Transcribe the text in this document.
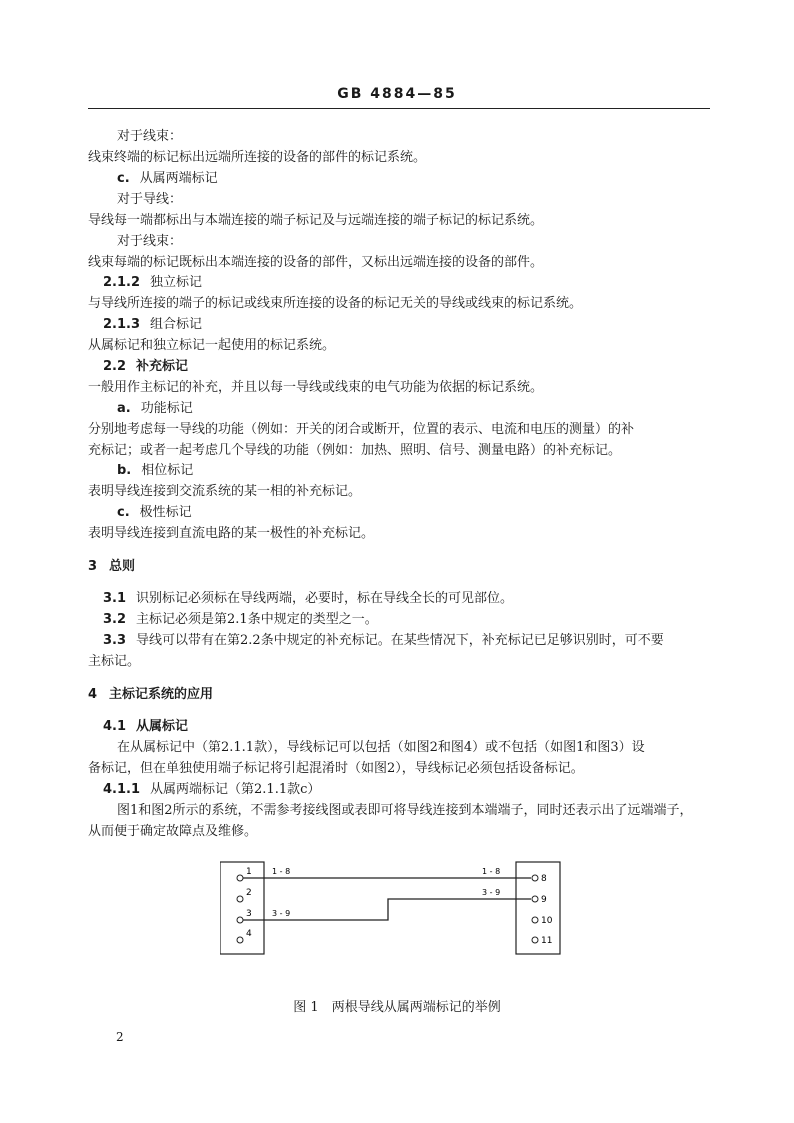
GB 4884—85
对于线束：
线束终端的标记标出远端所连接的设备的部件的标记系统。
c. 从属两端标记
对于导线：
导线每一端都标出与本端连接的端子标记及与远端连接的端子标记的标记系统。
对于线束：
线束每端的标记既标出本端连接的设备的部件，又标出远端连接的设备的部件。
2.1.2 独立标记
与导线所连接的端子的标记或线束所连接的设备的标记无关的导线或线束的标记系统。
2.1.3 组合标记
从属标记和独立标记一起使用的标记系统。
2.2 补充标记
一般用作主标记的补充，并且以每一导线或线束的电气功能为依据的标记系统。
a. 功能标记
分别地考虑每一导线的功能（例如：开关的闭合或断开，位置的表示、电流和电压的测量）的补
充标记；或者一起考虑几个导线的功能（例如：加热、照明、信号、测量电路）的补充标记。
b. 相位标记
表明导线连接到交流系统的某一相的补充标记。
c. 极性标记
表明导线连接到直流电路的某一极性的补充标记。
3 总则
3.1 识别标记必须标在导线两端，必要时，标在导线全长的可见部位。
3.2 主标记必须是第2.1条中规定的类型之一。
3.3 导线可以带有在第2.2条中规定的补充标记。在某些情况下，补充标记已足够识别时，可不要
主标记。
4 主标记系统的应用
4.1 从属标记
在从属标记中（第2.1.1款），导线标记可以包括（如图2和图4）或不包括（如图1和图3）设
备标记，但在单独使用端子标记将引起混淆时（如图2），导线标记必须包括设备标记。
4.1.1 从属两端标记（第2.1.1款c）
图1和图2所示的系统，不需参考接线图或表即可将导线连接到本端端子，同时还表示出了远端端子，
从而便于确定故障点及维修。
1
2
3
4
8
9
10
11
1 - 8
3 - 9
1 - 8
3 - 9
图 1　两根导线从属两端标记的举例
2
